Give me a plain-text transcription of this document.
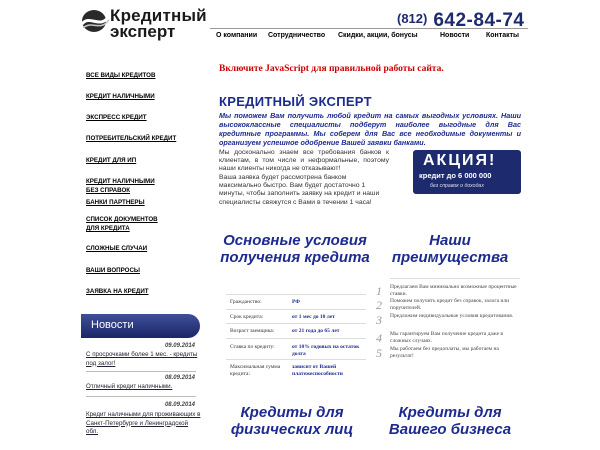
Кредитный
эксперт
(812) 642-84-74
О компании Сотрудничество Скидки, акции, бонусы	Новости Контакты
ВСЕ ВИДЫ КРЕДИТОВ
КРЕДИТ НАЛИЧНЫМИ
ЭКСПРЕСС КРЕДИТ
ПОТРЕБИТЕЛЬСКИЙ КРЕДИТ
КРЕДИТ ДЛЯ ИП
КРЕДИТ НАЛИЧНЫМИ БЕЗ СПРАВОК
БАНКИ ПАРТНЕРЫ
СПИСОК ДОКУМЕНТОВ ДЛЯ КРЕДИТА
СЛОЖНЫЕ СЛУЧАИ
ВАШИ ВОПРОСЫ
ЗАЯВКА НА КРЕДИТ
Новости
09.09.2014
С просрочками более 1 мес. - кредиты под залог!
08.09.2014
Отличный кредит наличными.
08.09.2014
Кредит наличными для проживающих в Санкт-Петербурге и Ленинградской обл.
Включите JavaScript для правильной работы сайта.
КРЕДИТНЫЙ ЭКСПЕРТ
Мы поможем Вам получить любой кредит на самых выгодных условиях. Наши высококлассные специалисты подберут наиболее выгодные для Вас кредитные программы. Мы соберем для Вас все необходимые документы и организуем успешное одобрение Вашей заявки банками.
Мы досконально знаем все требования банков к клиентам, в том числе и неформальные, поэтому наши клиенты никогда не отказывают!
Ваша заявка будет рассмотрена банком максимально быстро. Вам будет достаточно 1 минуты, чтобы заполнить заявку на кредит и наши специалисты свяжутся с Вами в течении 1 часа!
АКЦИЯ!
кредит до 6 000 000
без справок о доходах
Основные условия получения кредита
Гражданство:	РФ
Срок кредита:	от 1 мес до 10 лет
Возраст заемщика:	от 21 года до 65 лет
Ставка по кредиту:	от 10% годовых на остаток долга
Максимальная сумма кредита:
зависит от Вашей платежеспособности
Наши преимущества
1 Предлагаем Вам минимально возможные процентные ставки.
2 Поможем получить кредит без справок, залога или поручителей.
3 Предложим индивидуальные условия кредитования.
4 Мы гарантируем Вам получение кредита даже в сложных случаях.
5 Мы работаем без предоплаты, мы работаем на результат!
Кредиты для физических лиц
Кредиты для Вашего бизнеса
